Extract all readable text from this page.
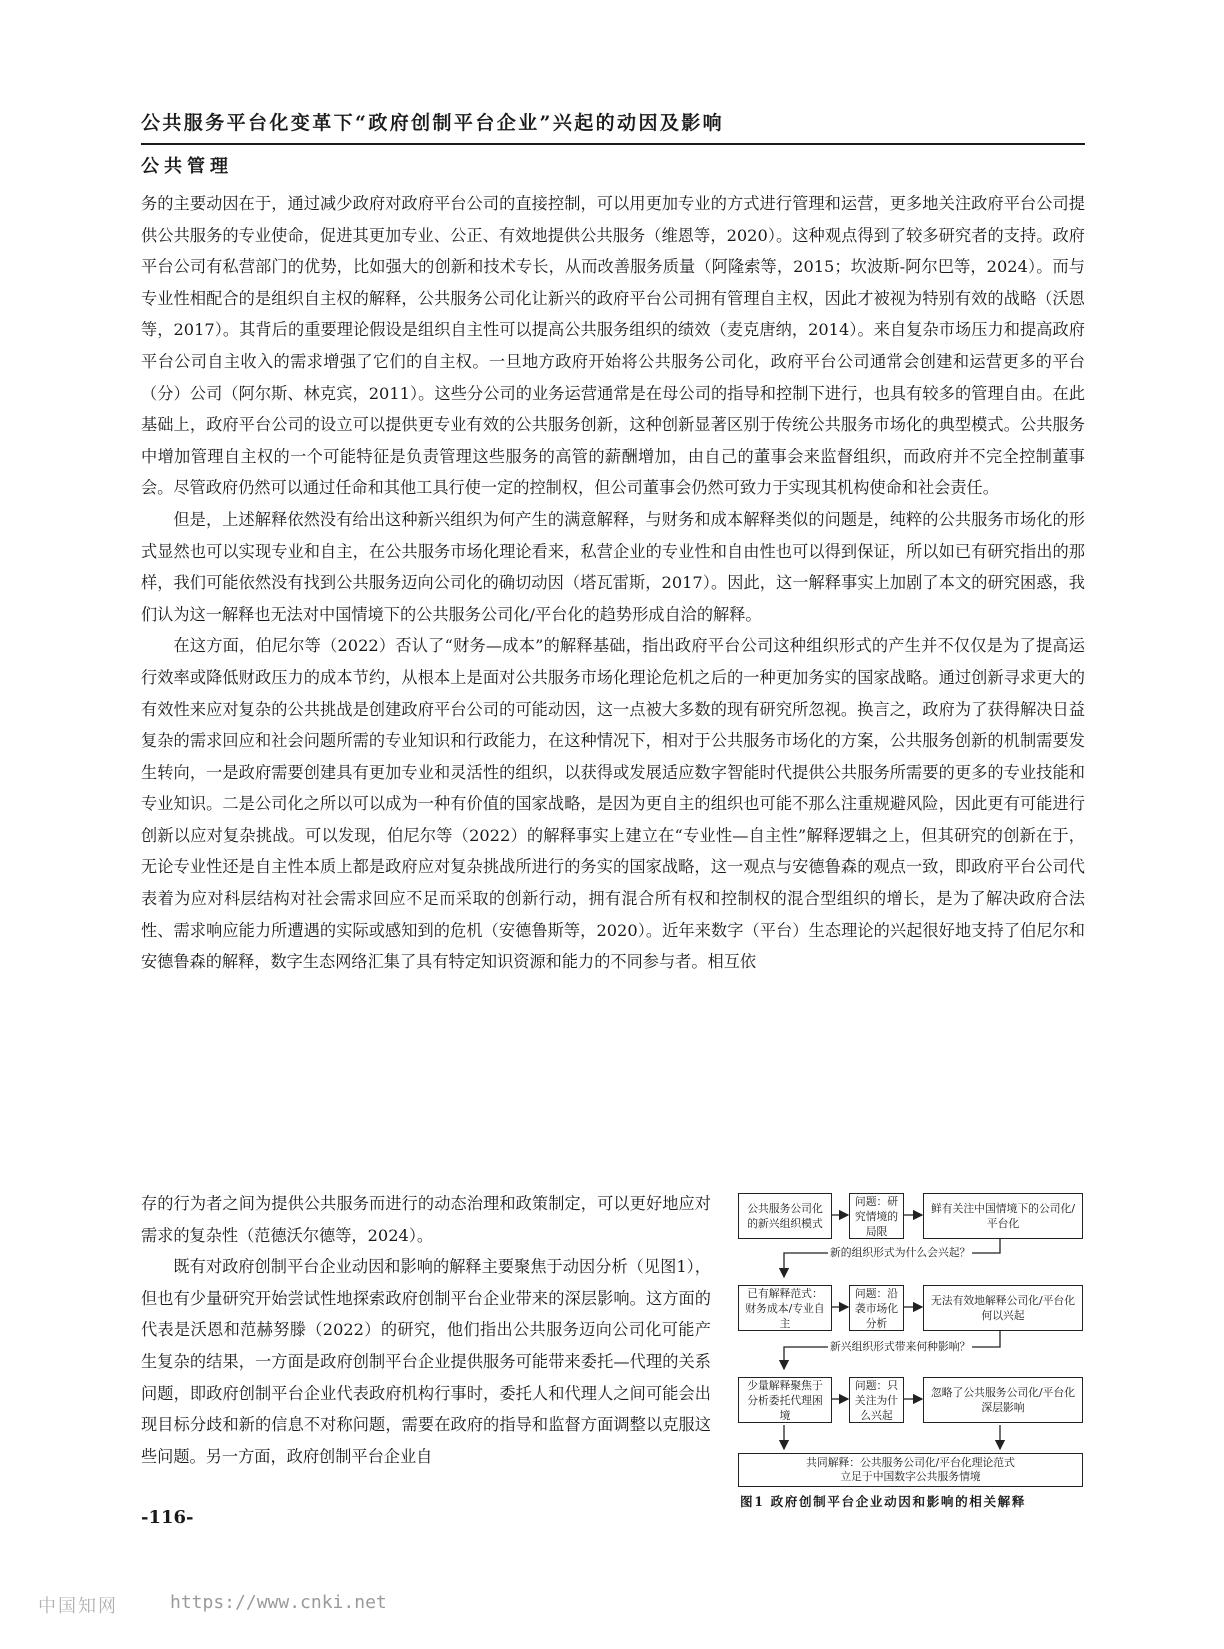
公共服务平台化变革下“政府创制平台企业”兴起的动因及影响
公共管理

务的主要动因在于，通过减少政府对政府平台公司的直接控制，可以用更加专业的方式进行管理和运营，更多地关注政府平台公司提供公共服务的专业使命，促进其更加专业、公正、有效地提供公共服务（维恩等，2020）。这种观点得到了较多研究者的支持。政府平台公司有私营部门的优势，比如强大的创新和技术专长，从而改善服务质量（阿隆索等，2015；坎波斯-阿尔巴等，2024）。而与专业性相配合的是组织自主权的解释，公共服务公司化让新兴的政府平台公司拥有管理自主权，因此才被视为特别有效的战略（沃恩等，2017）。其背后的重要理论假设是组织自主性可以提高公共服务组织的绩效（麦克唐纳，2014）。来自复杂市场压力和提高政府平台公司自主收入的需求增强了它们的自主权。一旦地方政府开始将公共服务公司化，政府平台公司通常会创建和运营更多的平台（分）公司（阿尔斯、林克宾，2011）。这些分公司的业务运营通常是在母公司的指导和控制下进行，也具有较多的管理自由。在此基础上，政府平台公司的设立可以提供更专业有效的公共服务创新，这种创新显著区别于传统公共服务市场化的典型模式。公共服务中增加管理自主权的一个可能特征是负责管理这些服务的高管的薪酬增加，由自己的董事会来监督组织，而政府并不完全控制董事会。尽管政府仍然可以通过任命和其他工具行使一定的控制权，但公司董事会仍然可致力于实现其机构使命和社会责任。

但是，上述解释依然没有给出这种新兴组织为何产生的满意解释，与财务和成本解释类似的问题是，纯粹的公共服务市场化的形式显然也可以实现专业和自主，在公共服务市场化理论看来，私营企业的专业性和自由性也可以得到保证，所以如已有研究指出的那样，我们可能依然没有找到公共服务迈向公司化的确切动因（塔瓦雷斯，2017）。因此，这一解释事实上加剧了本文的研究困惑，我们认为这一解释也无法对中国情境下的公共服务公司化/平台化的趋势形成自洽的解释。

在这方面，伯尼尔等（2022）否认了“财务—成本”的解释基础，指出政府平台公司这种组织形式的产生并不仅仅是为了提高运行效率或降低财政压力的成本节约，从根本上是面对公共服务市场化理论危机之后的一种更加务实的国家战略。通过创新寻求更大的有效性来应对复杂的公共挑战是创建政府平台公司的可能动因，这一点被大多数的现有研究所忽视。换言之，政府为了获得解决日益复杂的需求回应和社会问题所需的专业知识和行政能力，在这种情况下，相对于公共服务市场化的方案，公共服务创新的机制需要发生转向，一是政府需要创建具有更加专业和灵活性的组织，以获得或发展适应数字智能时代提供公共服务所需要的更多的专业技能和专业知识。二是公司化之所以可以成为一种有价值的国家战略，是因为更自主的组织也可能不那么注重规避风险，因此更有可能进行创新以应对复杂挑战。可以发现，伯尼尔等（2022）的解释事实上建立在“专业性—自主性”解释逻辑之上，但其研究的创新在于，无论专业性还是自主性本质上都是政府应对复杂挑战所进行的务实的国家战略，这一观点与安德鲁森的观点一致，即政府平台公司代表着为应对科层结构对社会需求回应不足而采取的创新行动，拥有混合所有权和控制权的混合型组织的增长，是为了解决政府合法性、需求响应能力所遭遇的实际或感知到的危机（安德鲁斯等，2020）。近年来数字（平台）生态理论的兴起很好地支持了伯尼尔和安德鲁森的解释，数字生态网络汇集了具有特定知识资源和能力的不同参与者。相互依

存的行为者之间为提供公共服务而进行的动态治理和政策制定，可以更好地应对需求的复杂性（范德沃尔德等，2024）。

既有对政府创制平台企业动因和影响的解释主要聚焦于动因分析（见图1），但也有少量研究开始尝试性地探索政府创制平台企业带来的深层影响。这方面的代表是沃恩和范赫努滕（2022）的研究，他们指出公共服务迈向公司化可能产生复杂的结果，一方面是政府创制平台企业提供服务可能带来委托—代理的关系问题，即政府创制平台企业代表政府机构行事时，委托人和代理人之间可能会出现目标分歧和新的信息不对称问题，需要在政府的指导和监督方面调整以克服这些问题。另一方面，政府创制平台企业自

公共服务公司化的新兴组织模式
问题：研究情境的局限
鲜有关注中国情境下的公司化/平台化
新的组织形式为什么会兴起？
已有解释范式：财务成本/专业自主
问题：沿袭市场化分析
无法有效地解释公司化/平台化何以兴起
新兴组织形式带来何种影响？
少量解释聚焦于分析委托代理困境
问题：只关注为什么兴起
忽略了公共服务公司化/平台化深层影响
共同解释：公共服务公司化/平台化理论范式
立足于中国数字公共服务情境
图1 政府创制平台企业动因和影响的相关解释
-116-
中国知网	https://www.cnki.net
